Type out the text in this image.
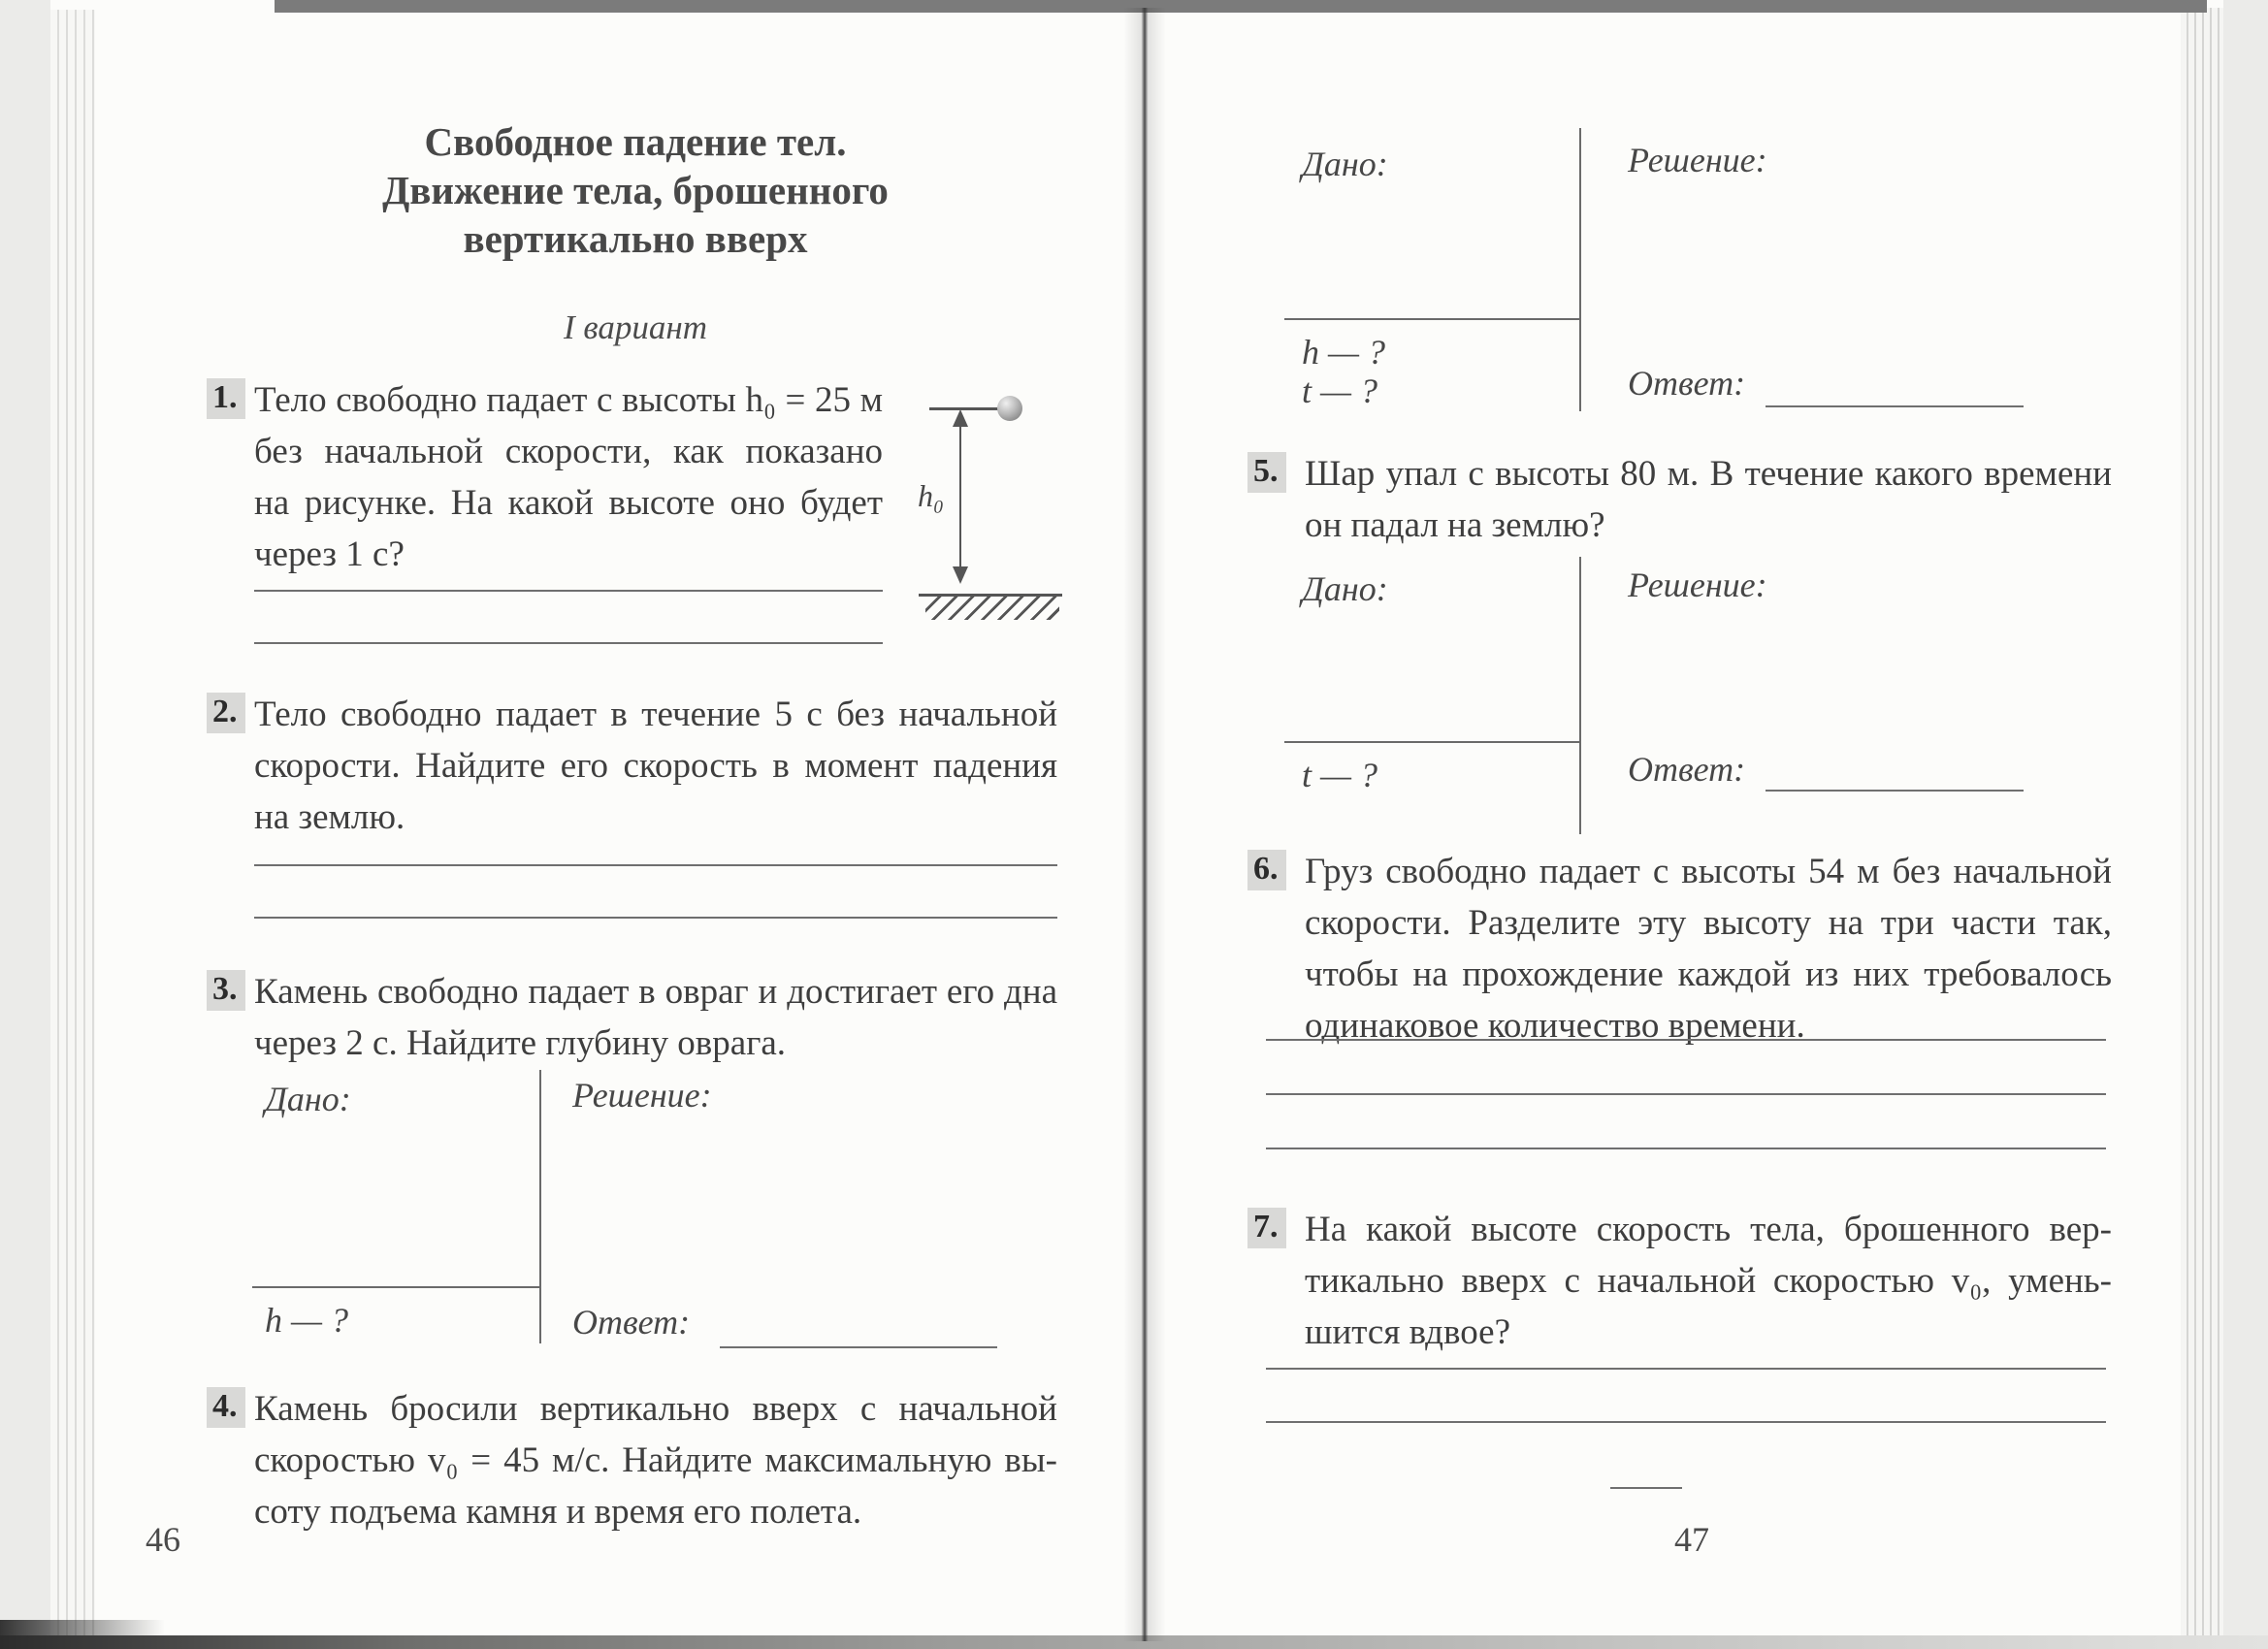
Свободное падение тел.
Движение тела, брошенного
вертикально вверх
I вариант
1. Тело свободно падает с высоты h₀ = 25 м
без начальной скорости, как показано
на рисунке. На какой высоте оно будет
через 1 с?
h₀
2. Тело свободно падает в течение 5 с без начальной
скорости. Найдите его скорость в момент падения
на землю.
3. Камень свободно падает в овраг и достигает его дна
через 2 с. Найдите глубину оврага.
Дано:	Решение:
h — ?	Ответ:
4. Камень бросили вертикально вверх с начальной
скоростью v₀ = 45 м/с. Найдите максимальную вы-
соту подъема камня и время его полета.
46
Дано:	Решение:
h — ?
t — ?	Ответ:
5. Шар упал с высоты 80 м. В течение какого времени
он падал на землю?
Дано:	Решение:
t — ?	Ответ:
6. Груз свободно падает с высоты 54 м без начальной
скорости. Разделите эту высоту на три части так,
чтобы на прохождение каждой из них требовалось
одинаковое количество времени.
7. На какой высоте скорость тела, брошенного вер-
тикально вверх с начальной скоростью v₀, умень-
шится вдвое?
47
